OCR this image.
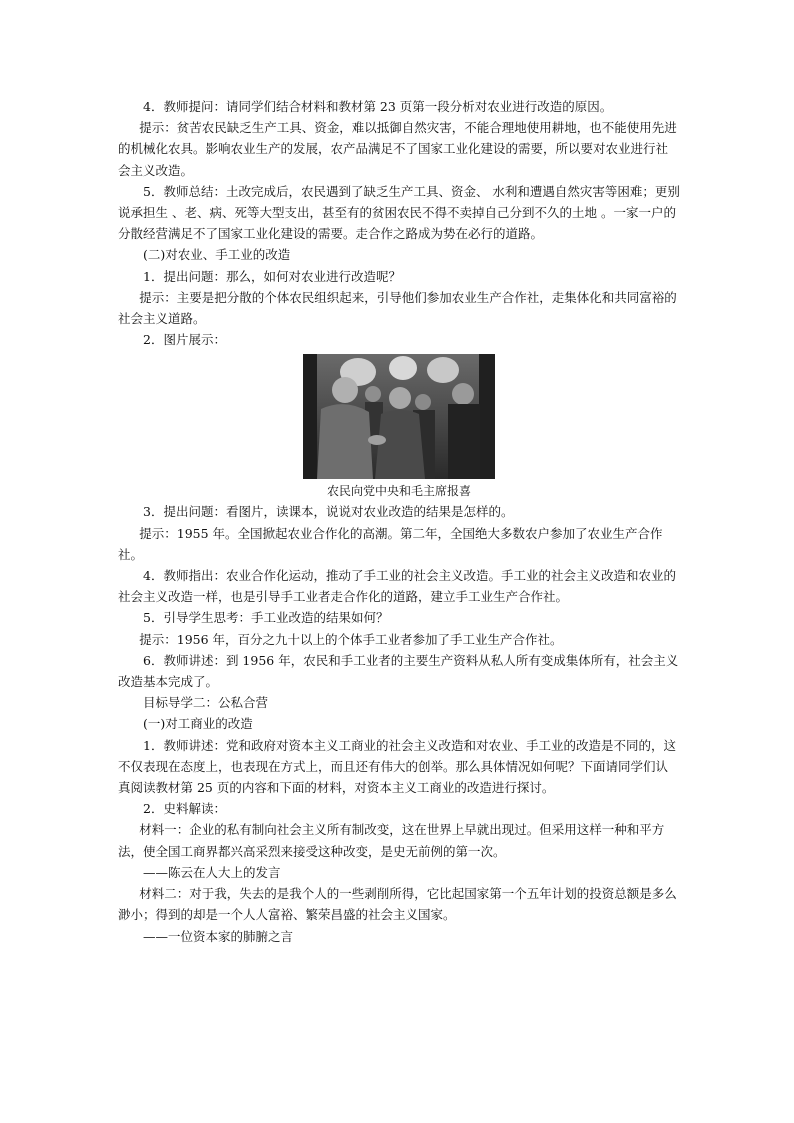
4．教师提问：请同学们结合材料和教材第 23 页第一段分析对农业进行改造的原因。

提示：贫苦农民缺乏生产工具、资金，难以抵御自然灾害，不能合理地使用耕地，也不能使用先进的机械化农具。影响农业生产的发展，农产品满足不了国家工业化建设的需要，所以要对农业进行社会主义改造。

5．教师总结：土改完成后，农民遇到了缺乏生产工具、资金、 水利和遭遇自然灾害等困难；更别说承担生 、老、病、死等大型支出，甚至有的贫困农民不得不卖掉自己分到不久的土地 。一家一户的分散经营满足不了国家工业化建设的需要。走合作之路成为势在必行的道路。

(二)对农业、手工业的改造

1．提出问题：那么，如何对农业进行改造呢？

提示：主要是把分散的个体农民组织起来，引导他们参加农业生产合作社，走集体化和共同富裕的社会主义道路。

2．图片展示：

农民向党中央和毛主席报喜

3．提出问题：看图片，读课本，说说对农业改造的结果是怎样的。

提示：1955 年。全国掀起农业合作化的高潮。第二年，全国绝大多数农户参加了农业生产合作社。

4．教师指出：农业合作化运动，推动了手工业的社会主义改造。手工业的社会主义改造和农业的社会主义改造一样，也是引导手工业者走合作化的道路，建立手工业生产合作社。

5．引导学生思考：手工业改造的结果如何？

提示：1956 年，百分之九十以上的个体手工业者参加了手工业生产合作社。

6．教师讲述：到 1956 年，农民和手工业者的主要生产资料从私人所有变成集体所有，社会主义改造基本完成了。

目标导学二：公私合营

(一)对工商业的改造

1．教师讲述：党和政府对资本主义工商业的社会主义改造和对农业、手工业的改造是不同的，这不仅表现在态度上，也表现在方式上，而且还有伟大的创举。那么具体情况如何呢？下面请同学们认真阅读教材第 25 页的内容和下面的材料，对资本主义工商业的改造进行探讨。

2．史料解读：

材料一：企业的私有制向社会主义所有制改变，这在世界上早就出现过。但采用这样一种和平方法，使全国工商界都兴高采烈来接受这种改变，是史无前例的第一次。

——陈云在人大上的发言

材料二：对于我，失去的是我个人的一些剥削所得，它比起国家第一个五年计划的投资总额是多么渺小；得到的却是一个人人富裕、繁荣昌盛的社会主义国家。

——一位资本家的肺腑之言
